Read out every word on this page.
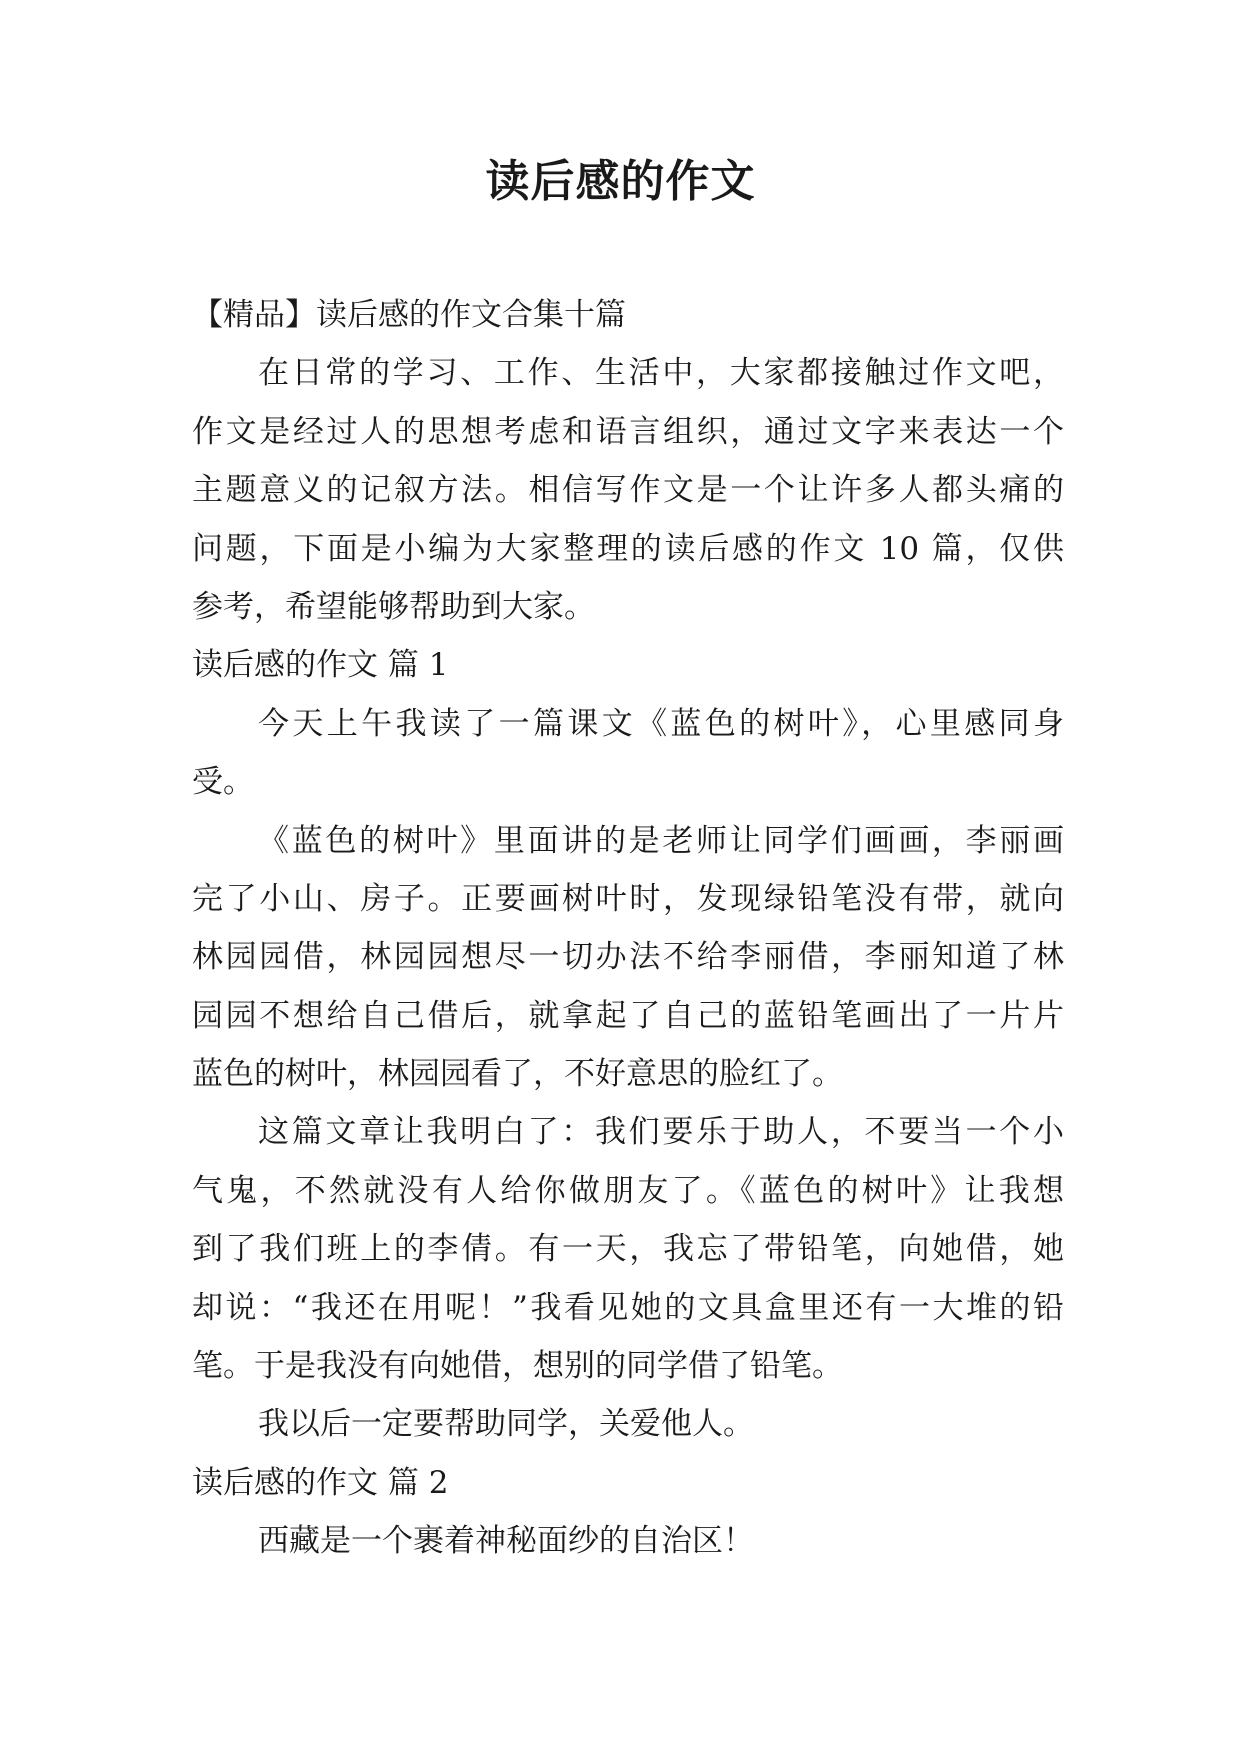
读后感的作文
【精品】读后感的作文合集十篇
在日常的学习、工作、生活中，大家都接触过作文吧，
作文是经过人的思想考虑和语言组织，通过文字来表达一个
主题意义的记叙方法。相信写作文是一个让许多人都头痛的
问题，下面是小编为大家整理的读后感的作文 10 篇，仅供
参考，希望能够帮助到大家。
读后感的作文 篇 1
今天上午我读了一篇课文《蓝色的树叶》，心里感同身
受。
《蓝色的树叶》里面讲的是老师让同学们画画，李丽画
完了小山、房子。正要画树叶时，发现绿铅笔没有带，就向
林园园借，林园园想尽一切办法不给李丽借，李丽知道了林
园园不想给自己借后，就拿起了自己的蓝铅笔画出了一片片
蓝色的树叶，林园园看了，不好意思的脸红了。
这篇文章让我明白了：我们要乐于助人，不要当一个小
气鬼，不然就没有人给你做朋友了。《蓝色的树叶》让我想
到了我们班上的李倩。有一天，我忘了带铅笔，向她借，她
却说：“我还在用呢！”我看见她的文具盒里还有一大堆的铅
笔。于是我没有向她借，想别的同学借了铅笔。
我以后一定要帮助同学，关爱他人。
读后感的作文 篇 2
西藏是一个裹着神秘面纱的自治区！
